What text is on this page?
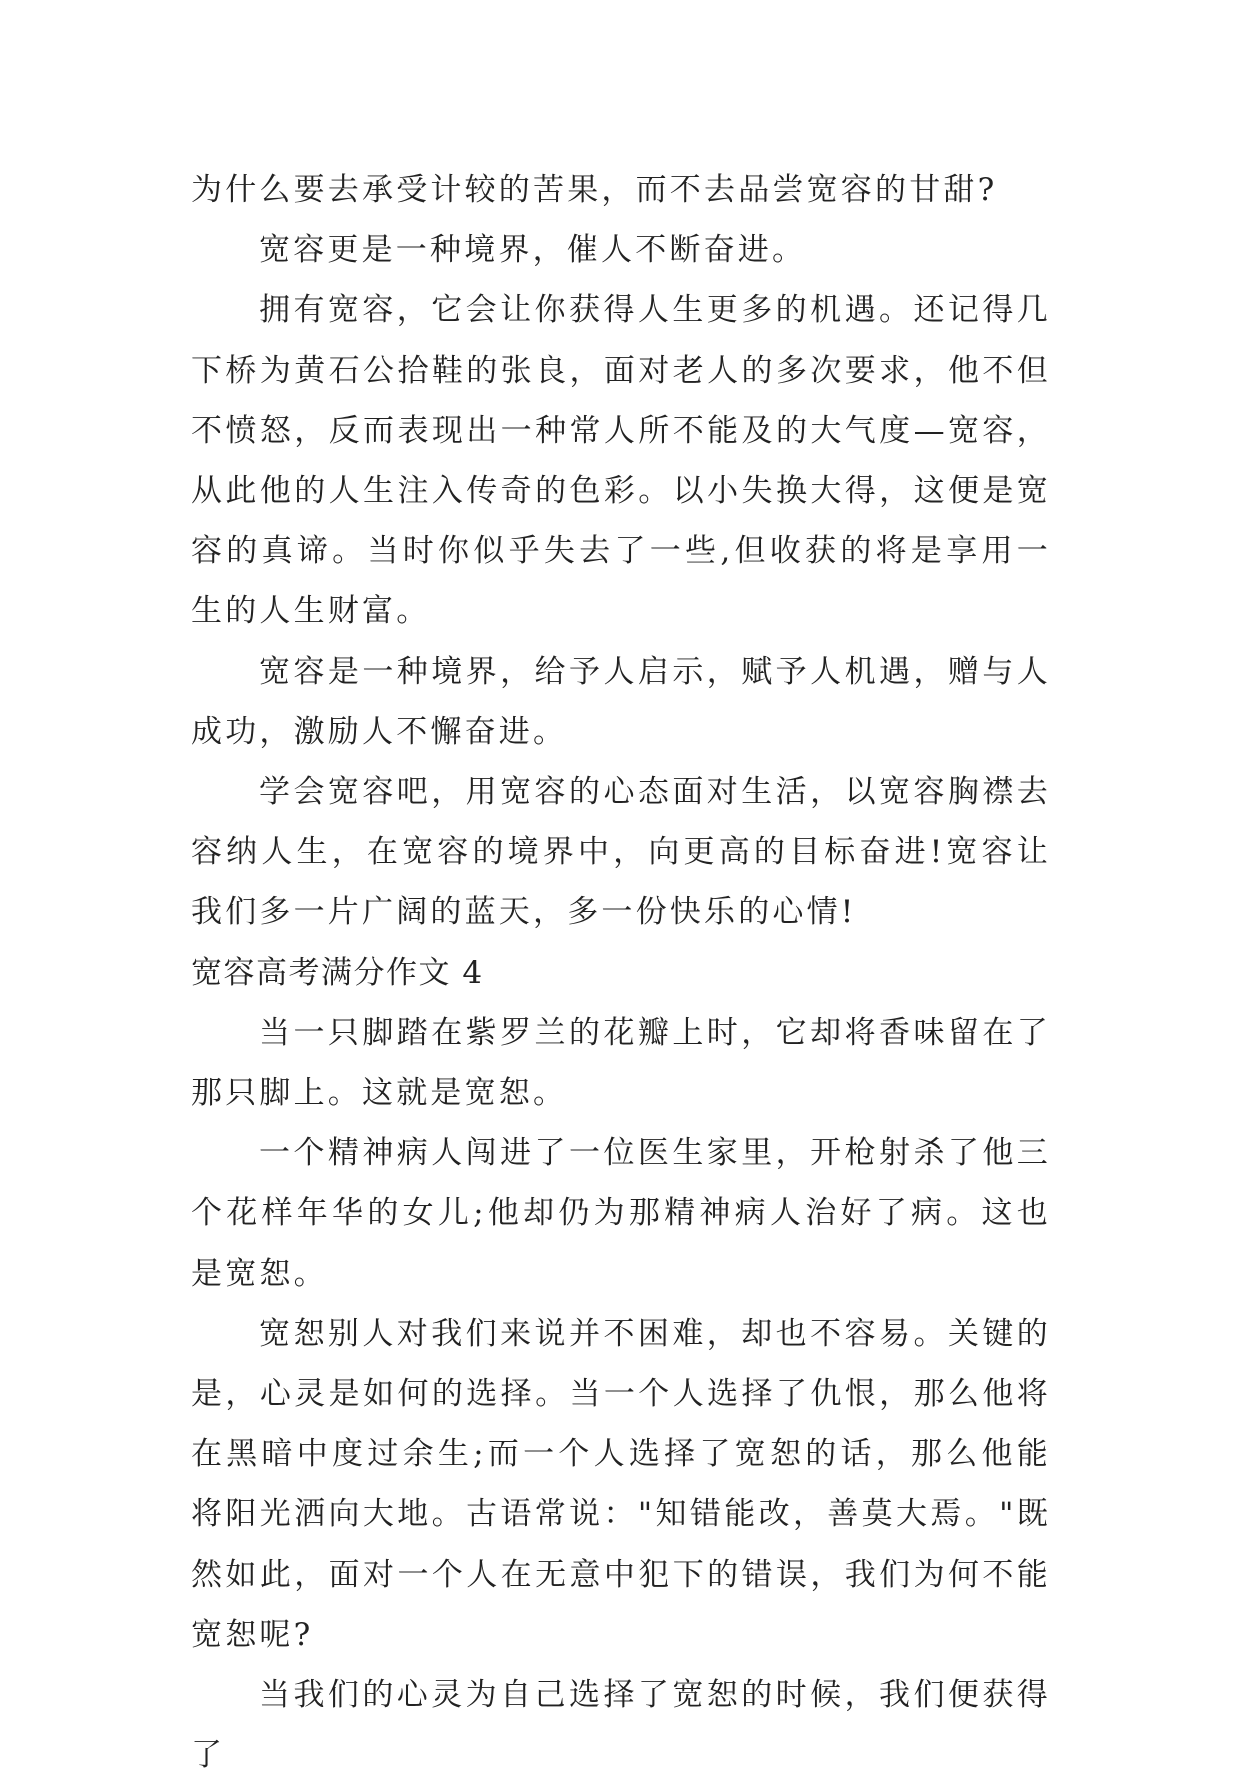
为什么要去承受计较的苦果，而不去品尝宽容的甘甜?

宽容更是一种境界，催人不断奋进。

拥有宽容，它会让你获得人生更多的机遇。还记得几下桥为黄石公拾鞋的张良，面对老人的多次要求，他不但不愤怒，反而表现出一种常人所不能及的大气度—宽容，从此他的人生注入传奇的色彩。以小失换大得，这便是宽容的真谛。当时你似乎失去了一些,但收获的将是享用一生的人生财富。

宽容是一种境界，给予人启示，赋予人机遇，赠与人成功，激励人不懈奋进。

学会宽容吧，用宽容的心态面对生活，以宽容胸襟去容纳人生，在宽容的境界中，向更高的目标奋进!宽容让我们多一片广阔的蓝天，多一份快乐的心情!

宽容高考满分作文 4

当一只脚踏在紫罗兰的花瓣上时，它却将香味留在了那只脚上。这就是宽恕。

一个精神病人闯进了一位医生家里，开枪射杀了他三个花样年华的女儿;他却仍为那精神病人治好了病。这也是宽恕。

宽恕别人对我们来说并不困难，却也不容易。关键的是，心灵是如何的选择。当一个人选择了仇恨，那么他将在黑暗中度过余生;而一个人选择了宽恕的话，那么他能将阳光洒向大地。古语常说："知错能改，善莫大焉。"既然如此，面对一个人在无意中犯下的错误，我们为何不能宽恕呢?

当我们的心灵为自己选择了宽恕的时候，我们便获得了
